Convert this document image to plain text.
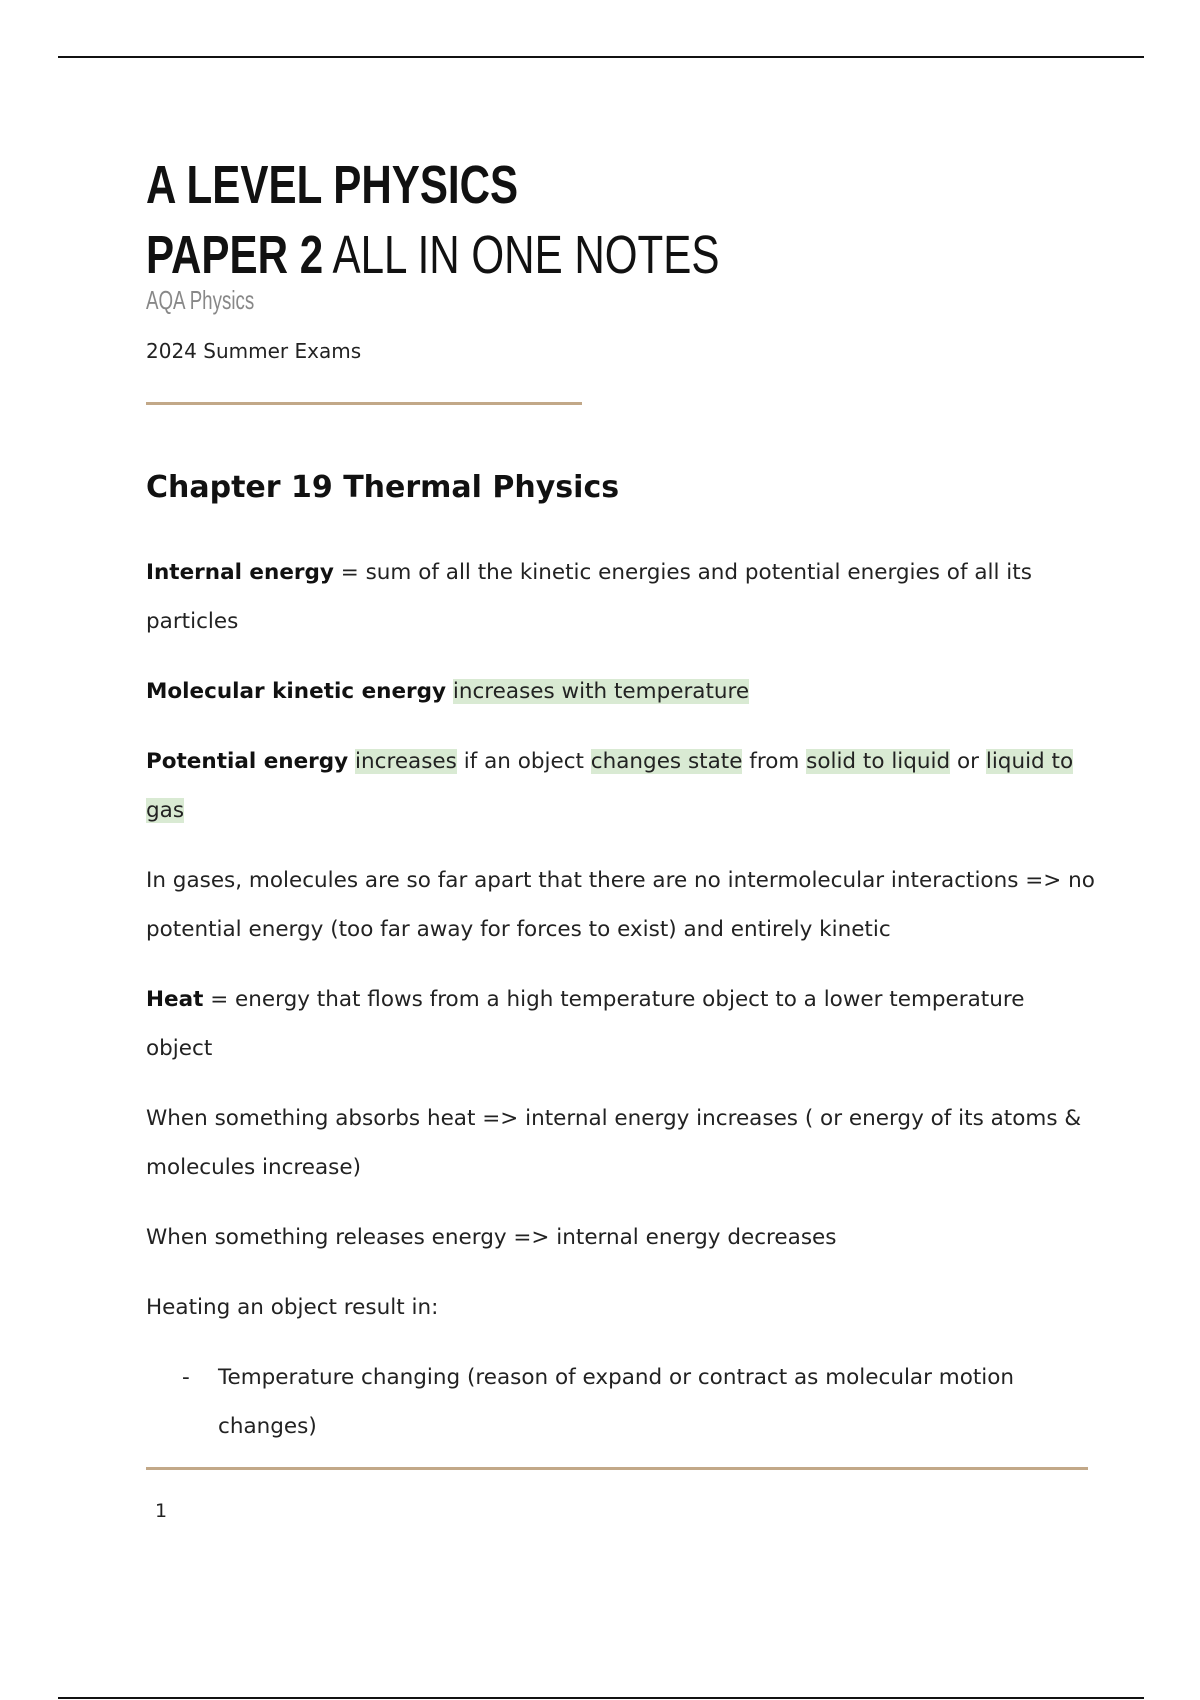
A LEVEL PHYSICS
PAPER 2 ALL IN ONE NOTES
AQA Physics
2024 Summer Exams
Chapter 19 Thermal Physics

Internal energy = sum of all the kinetic energies and potential energies of all its particles

Molecular kinetic energy increases with temperature

Potential energy increases if an object changes state from solid to liquid or liquid to gas

In gases, molecules are so far apart that there are no intermolecular interactions => no potential energy (too far away for forces to exist) and entirely kinetic

Heat = energy that flows from a high temperature object to a lower temperature object

When something absorbs heat => internal energy increases ( or energy of its atoms & molecules increase)

When something releases energy => internal energy decreases

Heating an object result in:

- Temperature changing (reason of expand or contract as molecular motion changes)

1
